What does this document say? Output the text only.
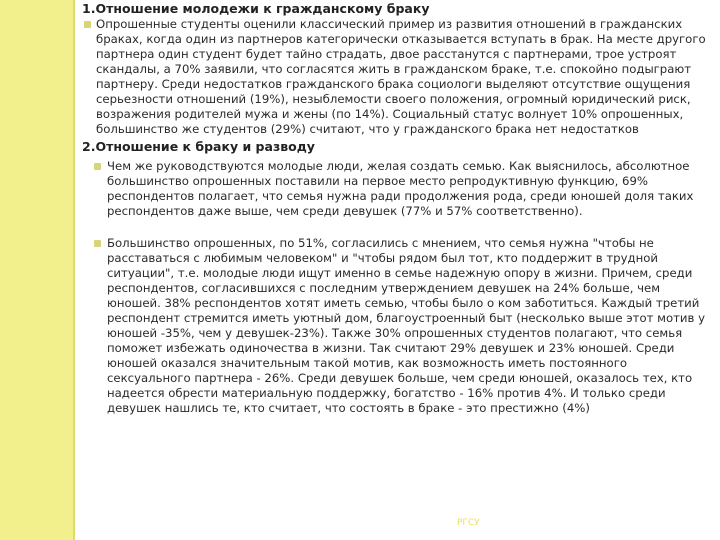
1.Отношение молодежи к гражданскому браку

Опрошенные студенты оценили классический пример из развития отношений в гражданских браках, когда один из партнеров категорически отказывается вступать в брак. На месте другого партнера один студент будет тайно страдать, двое расстанутся с партнерами, трое устроят скандалы, а 70% заявили, что согласятся жить в гражданском браке, т.е. спокойно подыграют партнеру. Среди недостатков гражданского брака социологи выделяют отсутствие ощущения серьезности отношений (19%), незыблемости своего положения, огромный юридический риск, возражения родителей мужа и жены (по 14%). Социальный статус волнует 10% опрошенных, большинство же студентов (29%) считают, что у гражданского брака нет недостатков

2.Отношение к браку и разводу

Чем же руководствуются молодые люди, желая создать семью. Как выяснилось, абсолютное большинство опрошенных поставили на первое место репродуктивную функцию, 69% респондентов полагает, что семья нужна ради продолжения рода, среди юношей доля таких респондентов даже выше, чем среди девушек (77% и 57% соответственно).

Большинство опрошенных, по 51%, согласились с мнением, что семья нужна "чтобы не расставаться с любимым человеком" и "чтобы рядом был тот, кто поддержит в трудной ситуации", т.е. молодые люди ищут именно в семье надежную опору в жизни. Причем, среди респондентов, согласившихся с последним утверждением девушек на 24% больше, чем юношей. 38% респондентов хотят иметь семью, чтобы было о ком заботиться. Каждый третий респондент стремится иметь уютный дом, благоустроенный быт (несколько выше этот мотив у юношей -35%, чем у девушек-23%). Также 30% опрошенных студентов полагают, что семья поможет избежать одиночества в жизни. Так считают 29% девушек и 23% юношей. Среди юношей оказался значительным такой мотив, как возможность иметь постоянного сексуального партнера - 26%. Среди девушек больше, чем среди юношей, оказалось тех, кто надеется обрести материальную поддержку, богатство - 16% против 4%. И только среди девушек нашлись те, кто считает, что состоять в браке - это престижно (4%)

РГСУ
